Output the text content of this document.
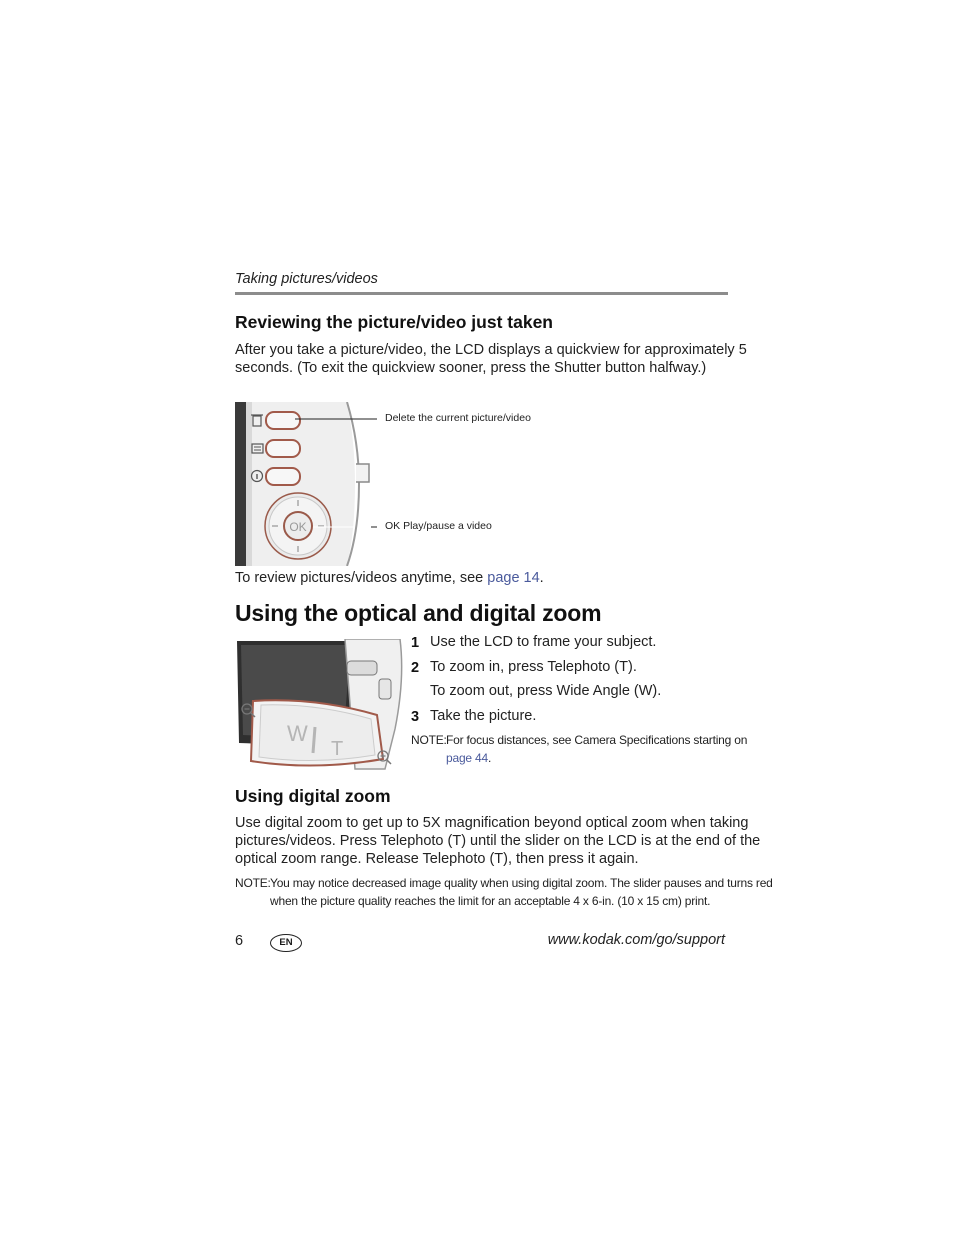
Taking pictures/videos
Reviewing the picture/video just taken
After you take a picture/video, the LCD displays a quickview for approximately 5
seconds. (To exit the quickview sooner, press the Shutter button halfway.)
OK
Delete the current picture/video
OK Play/pause a video
To review pictures/videos anytime, see page 14.
Using the optical and digital zoom
W
T
1 Use the LCD to frame your subject.
2 To zoom in, press Telephoto (T).
To zoom out, press Wide Angle (W).
3 Take the picture.
NOTE: For focus distances, see Camera Specifications starting on
page 44.
Using digital zoom
Use digital zoom to get up to 5X magnification beyond optical zoom when taking
pictures/videos. Press Telephoto (T) until the slider on the LCD is at the end of the
optical zoom range. Release Telephoto (T), then press it again.
NOTE: You may notice decreased image quality when using digital zoom. The slider pauses and turns red
when the picture quality reaches the limit for an acceptable 4 x 6-in. (10 x 15 cm) print.
6	EN	www.kodak.com/go/support
